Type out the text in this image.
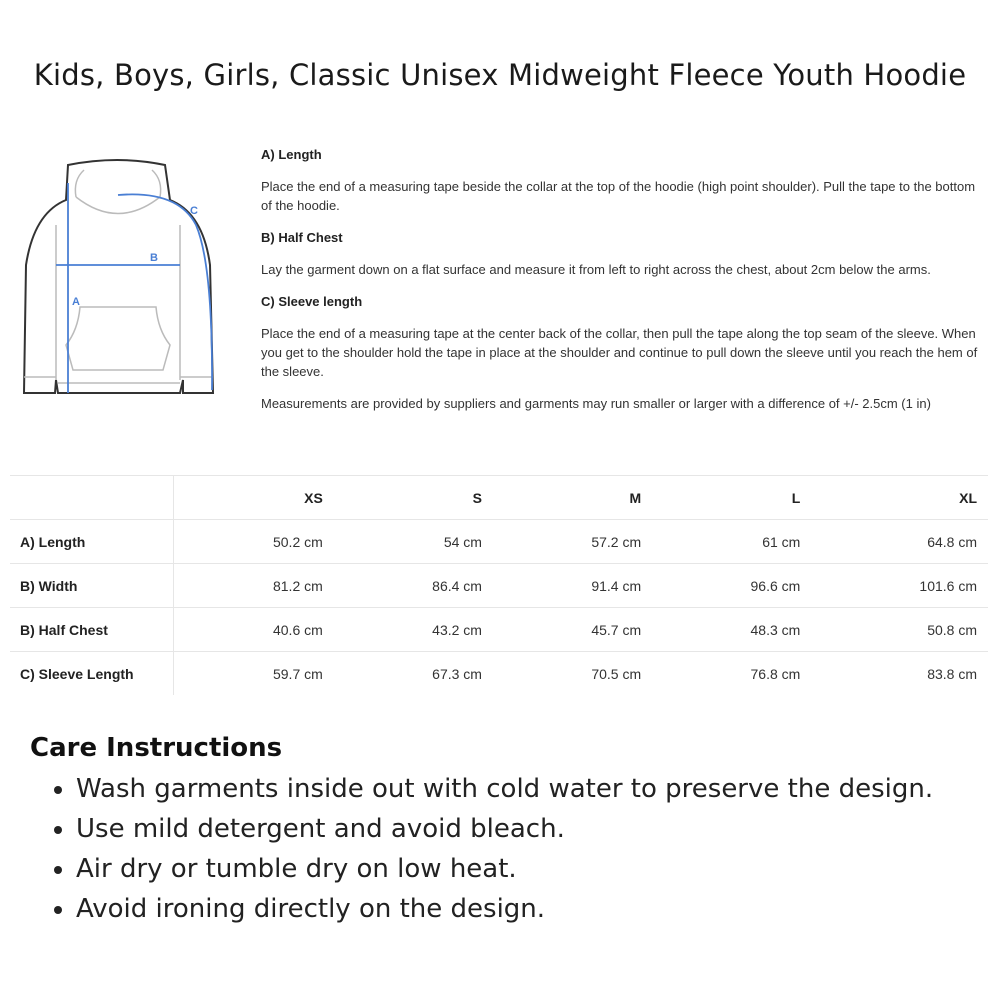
Kids, Boys, Girls, Classic Unisex Midweight Fleece Youth Hoodie
A
B
C
A) Length
Place the end of a measuring tape beside the collar at the top of the hoodie (high point shoulder). Pull the tape to the bottom of the hoodie.
B) Half Chest
Lay the garment down on a flat surface and measure it from left to right across the chest, about 2cm below the arms.
C) Sleeve length
Place the end of a measuring tape at the center back of the collar, then pull the tape along the top seam of the sleeve. When you get to the shoulder hold the tape in place at the shoulder and continue to pull down the sleeve until you reach the hem of the sleeve.
Measurements are provided by suppliers and garments may run smaller or larger with a difference of +/- 2.5cm (1 in)
	XS	S	M	L	XL
A) Length	50.2 cm	54 cm	57.2 cm	61 cm	64.8 cm
B) Width	81.2 cm	86.4 cm	91.4 cm	96.6 cm	101.6 cm
B) Half Chest	40.6 cm	43.2 cm	45.7 cm	48.3 cm	50.8 cm
C) Sleeve Length	59.7 cm	67.3 cm	70.5 cm	76.8 cm	83.8 cm
Care Instructions
• Wash garments inside out with cold water to preserve the design.
• Use mild detergent and avoid bleach.
• Air dry or tumble dry on low heat.
• Avoid ironing directly on the design.
